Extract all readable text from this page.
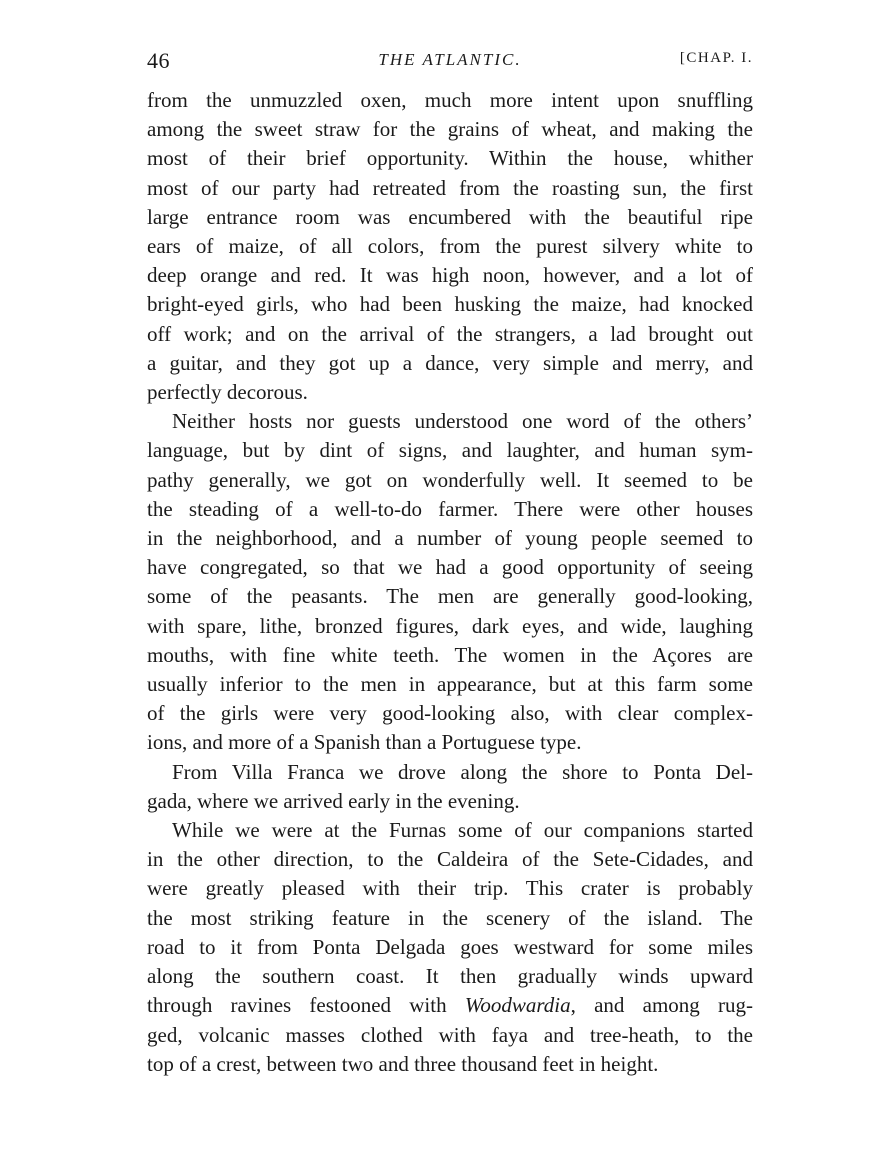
46	THE ATLANTIC.	[CHAP. I.

from the unmuzzled oxen, much more intent upon snuffling
among the sweet straw for the grains of wheat, and making the
most of their brief opportunity. Within the house, whither
most of our party had retreated from the roasting sun, the first
large entrance room was encumbered with the beautiful ripe
ears of maize, of all colors, from the purest silvery white to
deep orange and red. It was high noon, however, and a lot of
bright-eyed girls, who had been husking the maize, had knocked
off work; and on the arrival of the strangers, a lad brought out
a guitar, and they got up a dance, very simple and merry, and
perfectly decorous.

Neither hosts nor guests understood one word of the others’
language, but by dint of signs, and laughter, and human sym-
pathy generally, we got on wonderfully well. It seemed to be
the steading of a well-to-do farmer. There were other houses
in the neighborhood, and a number of young people seemed to
have congregated, so that we had a good opportunity of seeing
some of the peasants. The men are generally good-looking,
with spare, lithe, bronzed figures, dark eyes, and wide, laughing
mouths, with fine white teeth. The women in the Açores are
usually inferior to the men in appearance, but at this farm some
of the girls were very good-looking also, with clear complex-
ions, and more of a Spanish than a Portuguese type.

From Villa Franca we drove along the shore to Ponta Del-
gada, where we arrived early in the evening.

While we were at the Furnas some of our companions started
in the other direction, to the Caldeira of the Sete-Cidades, and
were greatly pleased with their trip. This crater is probably
the most striking feature in the scenery of the island. The
road to it from Ponta Delgada goes westward for some miles
along the southern coast. It then gradually winds upward
through ravines festooned with Woodwardia, and among rug-
ged, volcanic masses clothed with faya and tree-heath, to the
top of a crest, between two and three thousand feet in height.
